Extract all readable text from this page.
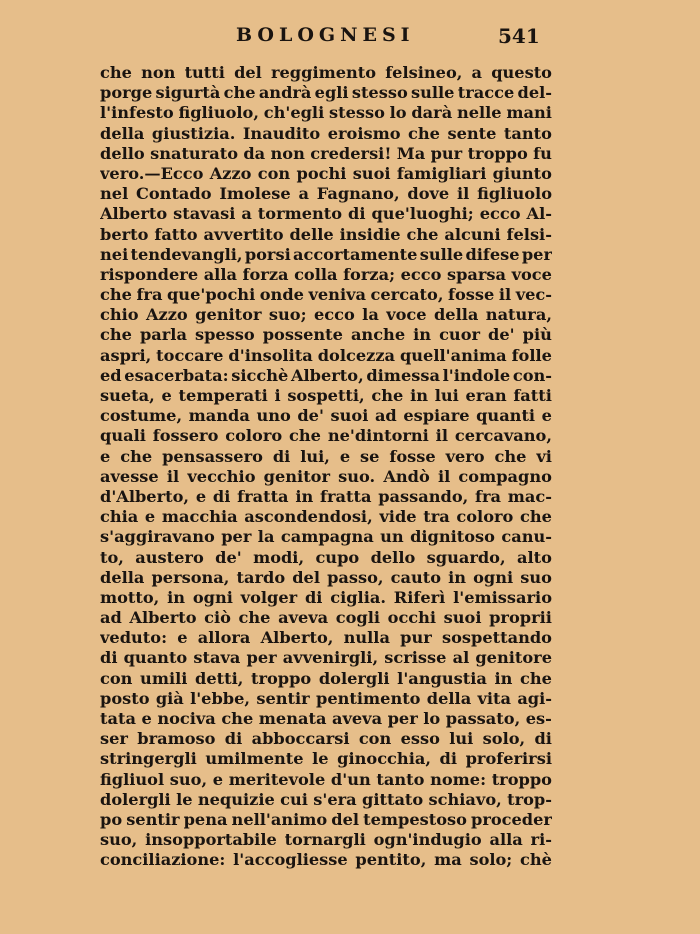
BOLOGNESI	541
che non tutti del reggimento felsineo, a questo
porge sigurtà che andrà egli stesso sulle tracce del-
l'infesto figliuolo, ch'egli stesso lo darà nelle mani
della giustizia. Inaudito eroismo che sente tanto
dello snaturato da non credersi! Ma pur troppo fu
vero.—Ecco Azzo con pochi suoi famigliari giunto
nel Contado Imolese a Fagnano, dove il figliuolo
Alberto stavasi a tormento di que'luoghi; ecco Al-
berto fatto avvertito delle insidie che alcuni felsi-
nei tendevangli, porsi accortamente sulle difese per
rispondere alla forza colla forza; ecco sparsa voce
che fra que'pochi onde veniva cercato, fosse il vec-
chio Azzo genitor suo; ecco la voce della natura,
che parla spesso possente anche in cuor de' più
aspri, toccare d'insolita dolcezza quell'anima folle
ed esacerbata: sicchè Alberto, dimessa l'indole con-
sueta, e temperati i sospetti, che in lui eran fatti
costume, manda uno de' suoi ad espiare quanti e
quali fossero coloro che ne'dintorni il cercavano,
e che pensassero di lui, e se fosse vero che vi
avesse il vecchio genitor suo. Andò il compagno
d'Alberto, e di fratta in fratta passando, fra mac-
chia e macchia ascondendosi, vide tra coloro che
s'aggiravano per la campagna un dignitoso canu-
to, austero de' modi, cupo dello sguardo, alto
della persona, tardo del passo, cauto in ogni suo
motto, in ogni volger di ciglia. Riferì l'emissario
ad Alberto ciò che aveva cogli occhi suoi proprii
veduto: e allora Alberto, nulla pur sospettando
di quanto stava per avvenirgli, scrisse al genitore
con umili detti, troppo dolergli l'angustia in che
posto già l'ebbe, sentir pentimento della vita agi-
tata e nociva che menata aveva per lo passato, es-
ser bramoso di abboccarsi con esso lui solo, di
stringergli umilmente le ginocchia, di proferirsi
figliuol suo, e meritevole d'un tanto nome: troppo
dolergli le nequizie cui s'era gittato schiavo, trop-
po sentir pena nell'animo del tempestoso proceder
suo, insopportabile tornargli ogn'indugio alla ri-
conciliazione: l'accogliesse pentito, ma solo; chè
